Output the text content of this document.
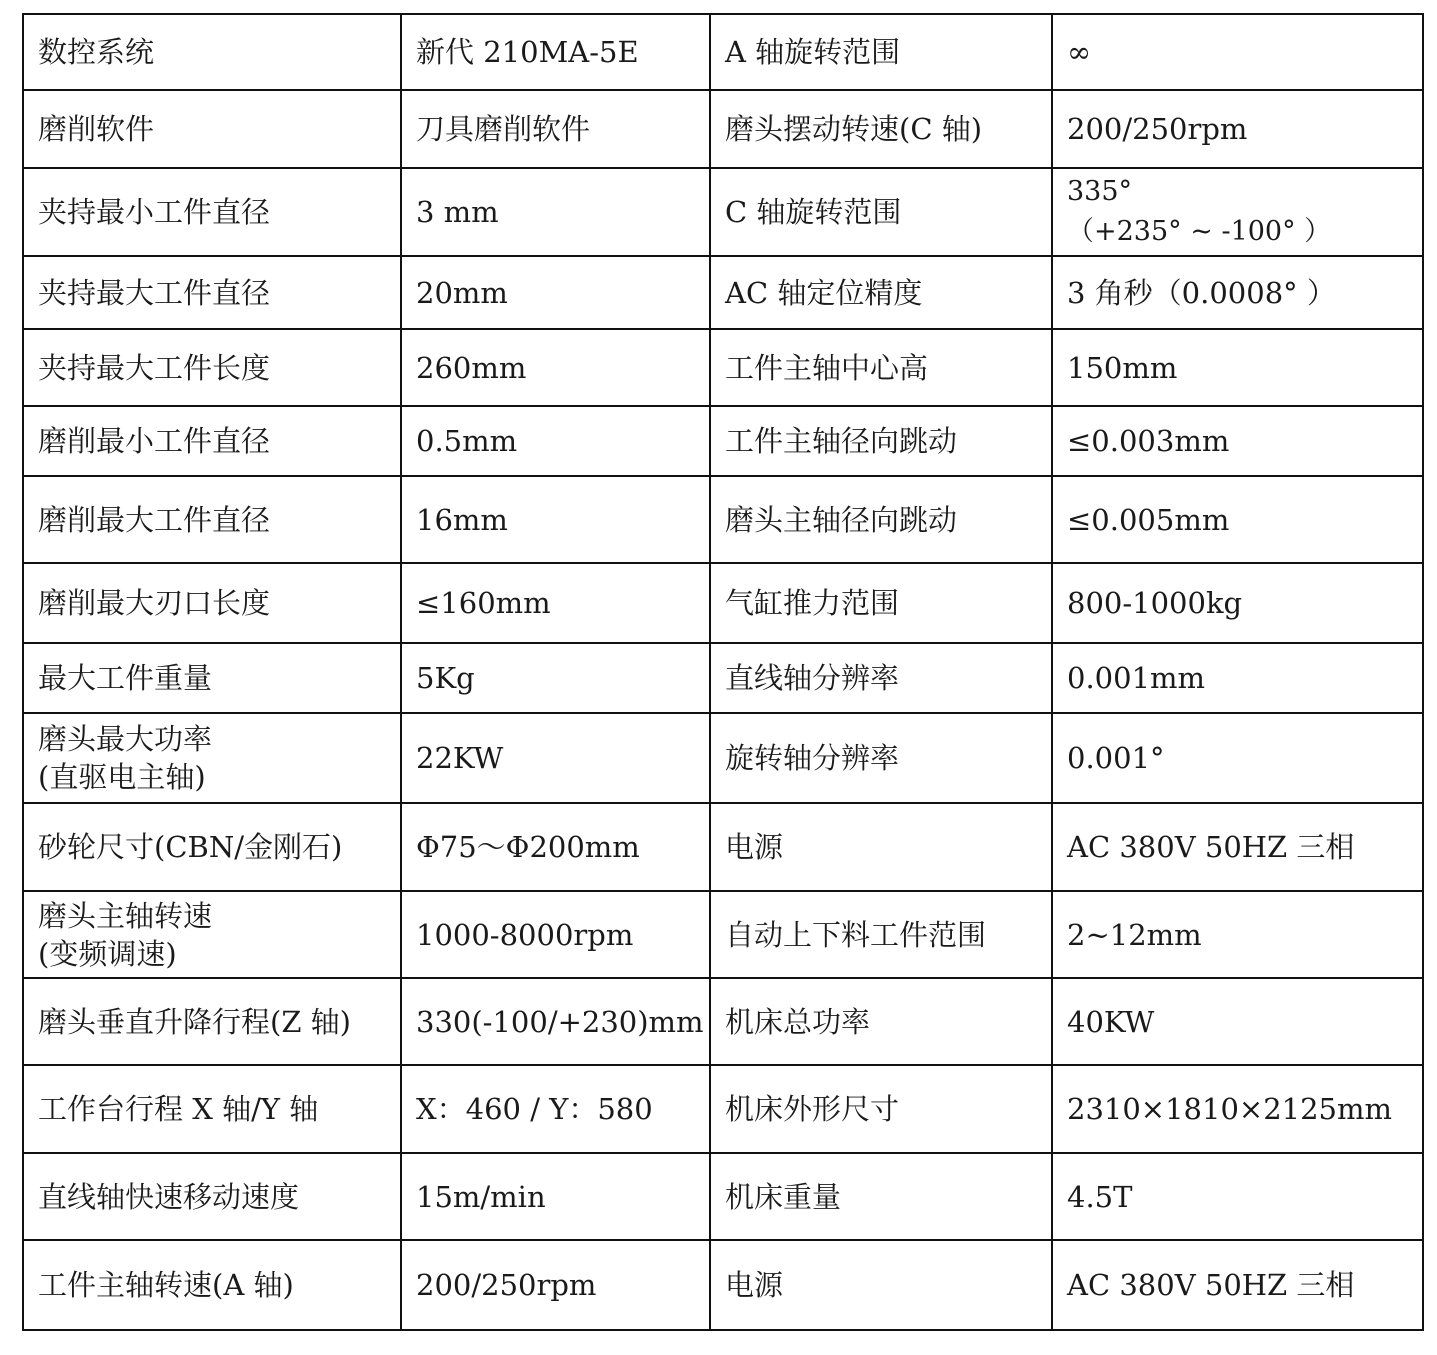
数控系统	新代 210MA-5E	A 轴旋转范围	∞
磨削软件	刀具磨削软件	磨头摆动转速(C 轴)	200/250rpm
夹持最小工件直径	3 mm	C 轴旋转范围	335°
（+235° ~ -100° ）
夹持最大工件直径	20mm	AC 轴定位精度	3 角秒（0.0008° ）
夹持最大工件长度	260mm	工件主轴中心高	150mm
磨削最小工件直径	0.5mm	工件主轴径向跳动	≤0.003mm
磨削最大工件直径	16mm	磨头主轴径向跳动	≤0.005mm
磨削最大刃口长度	≤160mm	气缸推力范围	800-1000kg
最大工件重量	5Kg	直线轴分辨率	0.001mm
磨头最大功率
(直驱电主轴)	22KW	旋转轴分辨率	0.001°
砂轮尺寸(CBN/金刚石)	Φ75～Φ200mm	电源	AC 380V 50HZ 三相
磨头主轴转速
(变频调速)	1000-8000rpm	自动上下料工件范围	2~12mm
磨头垂直升降行程(Z 轴)	330(-100/+230)mm	机床总功率	40KW
工作台行程 X 轴/Y 轴	X：460 / Y：580	机床外形尺寸	2310×1810×2125mm
直线轴快速移动速度	15m/min	机床重量	4.5T
工件主轴转速(A 轴)	200/250rpm	电源	AC 380V 50HZ 三相
